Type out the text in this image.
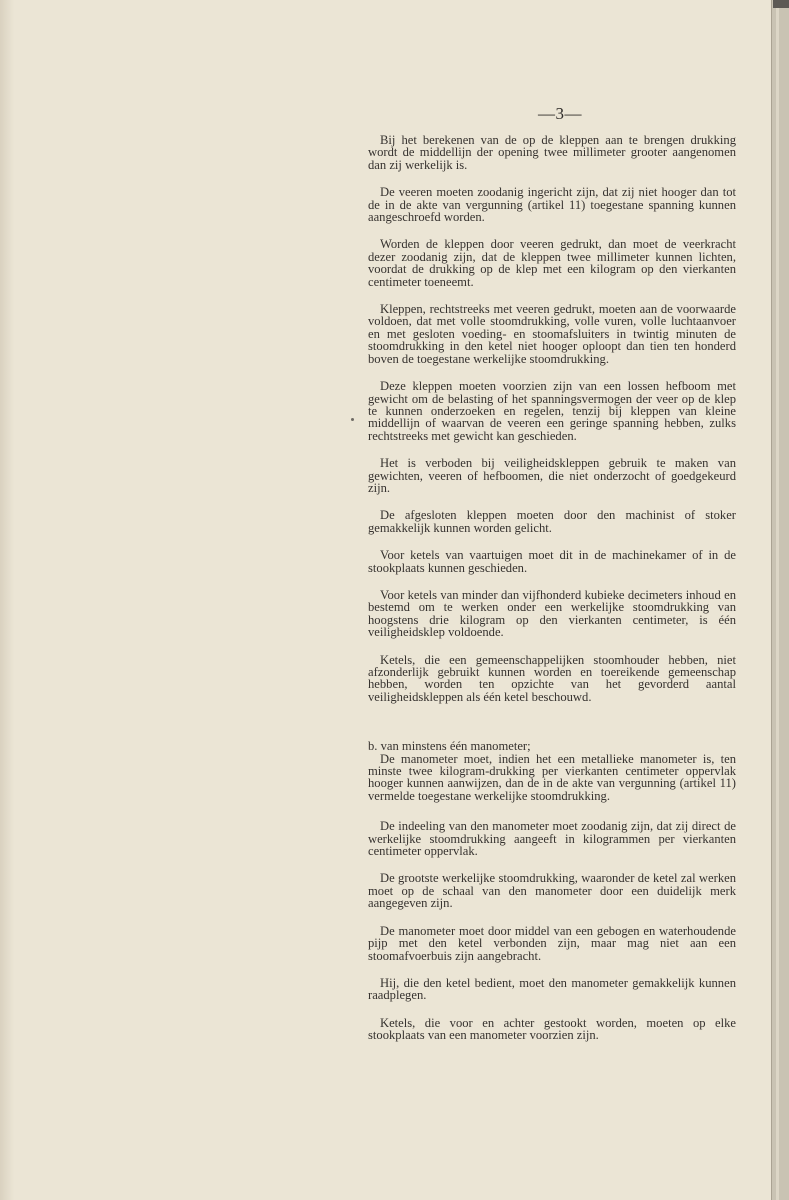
—3—

Bij het berekenen van de op de kleppen aan te brengen drukking wordt de middellijn der opening twee millimeter grooter aangenomen dan zij werkelijk is.

De veeren moeten zoodanig ingericht zijn, dat zij niet hooger dan tot de in de akte van vergunning (artikel 11) toegestane spanning kunnen aangeschroefd worden.

Worden de kleppen door veeren gedrukt, dan moet de veerkracht dezer zoodanig zijn, dat de kleppen twee millimeter kunnen lichten, voordat de drukking op de klep met een kilogram op den vierkanten centimeter toeneemt.

Kleppen, rechtstreeks met veeren gedrukt, moeten aan de voorwaarde voldoen, dat met volle stoomdrukking, volle vuren, volle luchtaanvoer en met gesloten voeding- en stoomafsluiters in twintig minuten de stoomdrukking in den ketel niet hooger oploopt dan tien ten honderd boven de toegestane werkelijke stoomdrukking.

Deze kleppen moeten voorzien zijn van een lossen hefboom met gewicht om de belasting of het spanningsvermogen der veer op de klep te kunnen onderzoeken en regelen, tenzij bij kleppen van kleine middellijn of waarvan de veeren een geringe spanning hebben, zulks rechtstreeks met gewicht kan geschieden.

Het is verboden bij veiligheidskleppen gebruik te maken van gewichten, veeren of hefboomen, die niet onderzocht of goedgekeurd zijn.

De afgesloten kleppen moeten door den machinist of stoker gemakkelijk kunnen worden gelicht.

Voor ketels van vaartuigen moet dit in de machinekamer of in de stookplaats kunnen geschieden.

Voor ketels van minder dan vijfhonderd kubieke decimeters inhoud en bestemd om te werken onder een werkelijke stoomdrukking van hoogstens drie kilogram op den vierkanten centimeter, is één veiligheidsklep voldoende.

Ketels, die een gemeenschappelijken stoomhouder hebben, niet afzonderlijk gebruikt kunnen worden en toereikende gemeenschap hebben, worden ten opzichte van het gevorderd aantal veiligheidskleppen als één ketel beschouwd.

b. van minstens één manometer;

De manometer moet, indien het een metallieke manometer is, ten minste twee kilogram-drukking per vierkanten centimeter oppervlak hooger kunnen aanwijzen, dan de in de akte van vergunning (artikel 11) vermelde toegestane werkelijke stoomdrukking.

De indeeling van den manometer moet zoodanig zijn, dat zij direct de werkelijke stoomdrukking aangeeft in kilogrammen per vierkanten centimeter oppervlak.

De grootste werkelijke stoomdrukking, waaronder de ketel zal werken moet op de schaal van den manometer door een duidelijk merk aangegeven zijn.

De manometer moet door middel van een gebogen en waterhoudende pijp met den ketel verbonden zijn, maar mag niet aan een stoomafvoerbuis zijn aangebracht.

Hij, die den ketel bedient, moet den manometer gemakkelijk kunnen raadplegen.

Ketels, die voor en achter gestookt worden, moeten op elke stookplaats van een manometer voorzien zijn.
